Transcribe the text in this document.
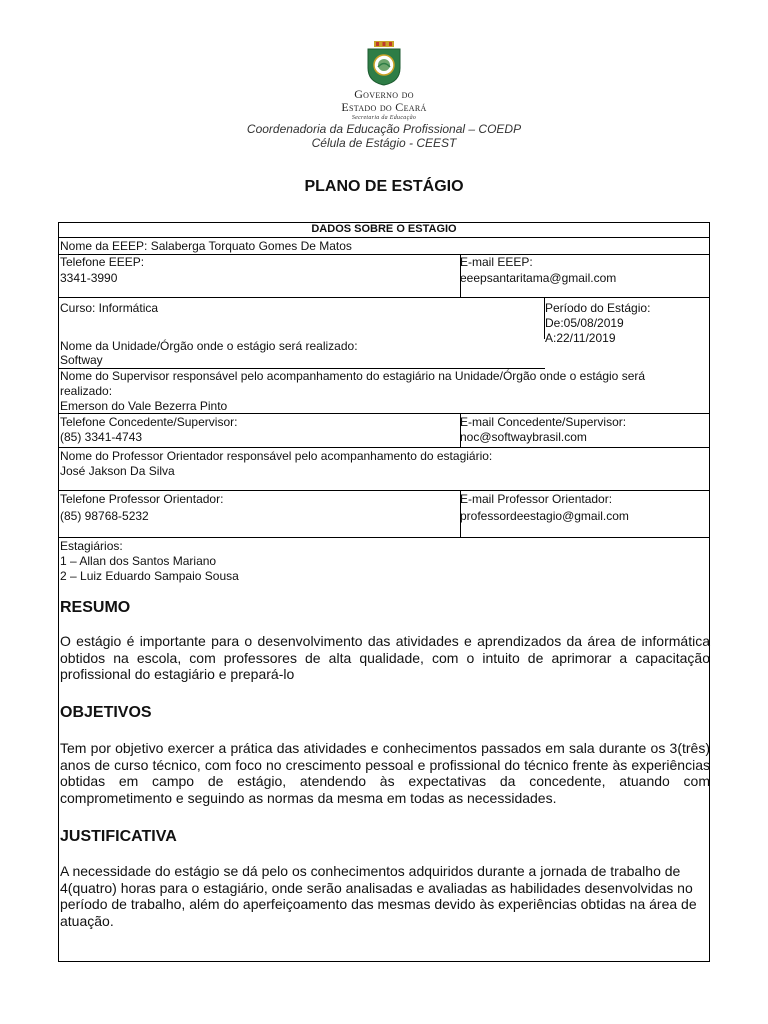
Governo do
Estado do Ceará
Secretaria da Educação
Coordenadoria da Educação Profissional – COEDP
Célula de Estágio - CEEST
PLANO DE ESTÁGIO
DADOS SOBRE O ESTAGIO
Nome da EEEP: Salaberga Torquato Gomes De Matos
Telefone EEEP:
3341-3990
E-mail EEEP:
eeepsantaritama@gmail.com
Curso: Informática	Período do Estágio:
De:05/08/2019
A:22/11/2019
Nome da Unidade/Órgão onde o estágio será realizado:
Softway
Nome do Supervisor responsável pelo acompanhamento do estagiário na Unidade/Órgão onde o estágio será
realizado:
Emerson do Vale Bezerra Pinto
Telefone Concedente/Supervisor:
(85) 3341-4743
E-mail Concedente/Supervisor:
noc@softwaybrasil.com
Nome do Professor Orientador responsável pelo acompanhamento do estagiário:
José Jakson Da Silva
Telefone Professor Orientador:
(85) 98768-5232
E-mail Professor Orientador:
professordeestagio@gmail.com
Estagiários:
1 – Allan dos Santos Mariano
2 – Luiz Eduardo Sampaio Sousa
RESUMO
O estágio é importante para o desenvolvimento das atividades e aprendizados da área de informática obtidos na escola, com professores de alta qualidade, com o intuito de aprimorar a capacitação profissional do estagiário e prepará-lo
OBJETIVOS
Tem por objetivo exercer a prática das atividades e conhecimentos passados em sala durante os 3(três) anos de curso técnico, com foco no crescimento pessoal e profissional do técnico frente às experiências obtidas em campo de estágio, atendendo às expectativas da concedente, atuando com comprometimento e seguindo as normas da mesma em todas as necessidades.
JUSTIFICATIVA
A necessidade do estágio se dá pelo os conhecimentos adquiridos durante a jornada de trabalho de 4(quatro) horas para o estagiário, onde serão analisadas e avaliadas as habilidades desenvolvidas no período de trabalho, além do aperfeiçoamento das mesmas devido às experiências obtidas na área de atuação.
